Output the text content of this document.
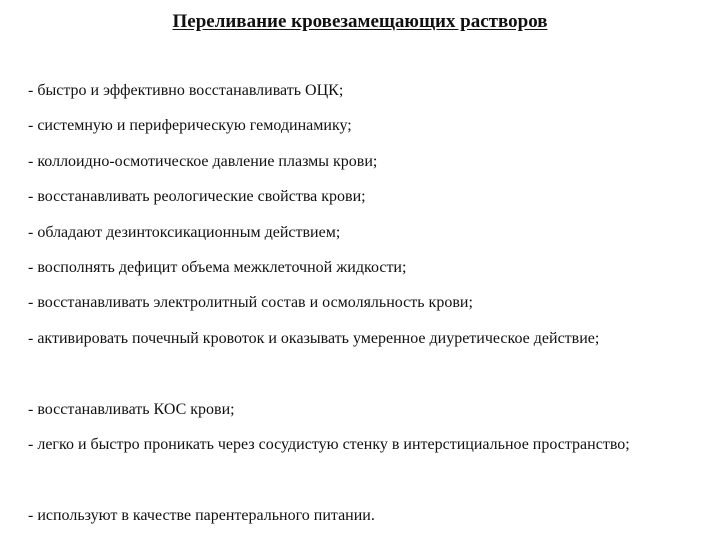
Переливание кровезамещающих растворов
- быстро и эффективно восстанавливать ОЦК;
- системную и периферическую гемодинамику;
- коллоидно-осмотическое давление плазмы крови;
- восстанавливать реологические свойства крови;
- обладают дезинтоксикационным действием;
- восполнять дефицит объема межклеточной жидкости;
- восстанавливать электролитный состав и осмоляльность крови;
- активировать почечный кровоток и оказывать умеренное диуретическое действие;
- восстанавливать КОС крови;
- легко и быстро проникать через сосудистую стенку в интерстициальное пространство;
- используют в качестве парентерального питании.
